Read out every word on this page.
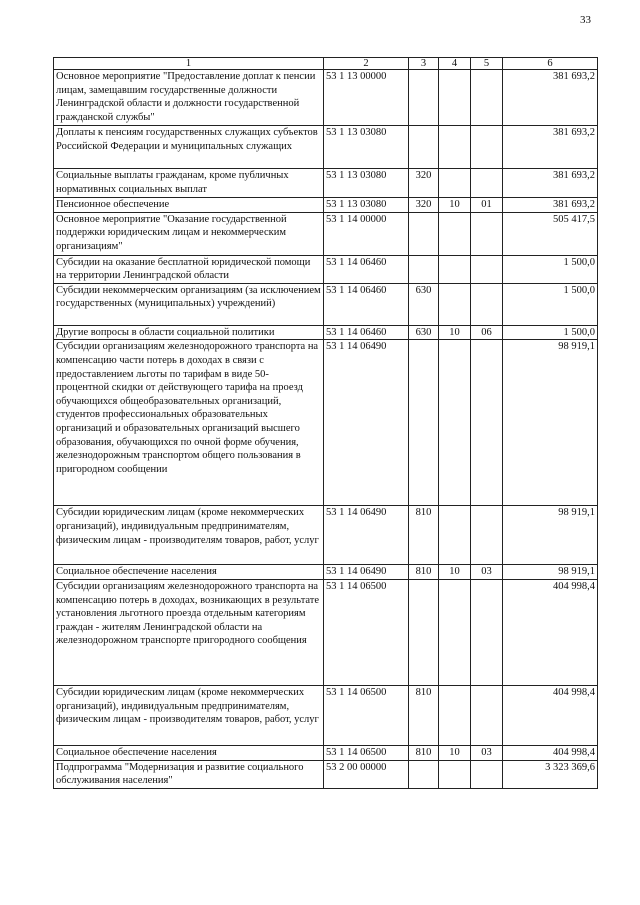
33
1	2	3	4	5	6
Основное мероприятие "Предоставление доплат к пенсии лицам, замещавшим государственные должности Ленинградской области и должности государственной гражданской службы"	53 1 13 00000				381 693,2
Доплаты к пенсиям государственных служащих субъектов Российской Федерации и муниципальных служащих	53 1 13 03080				381 693,2
Социальные выплаты гражданам, кроме публичных нормативных социальных выплат	53 1 13 03080	320			381 693,2
Пенсионное обеспечение	53 1 13 03080	320	10	01	381 693,2
Основное мероприятие "Оказание государственной поддержки юридическим лицам и некоммерческим организациям"	53 1 14 00000				505 417,5
Субсидии на оказание бесплатной юридической помощи на территории Ленинградской области	53 1 14 06460				1 500,0
Субсидии некоммерческим организациям (за исключением государственных (муниципальных) учреждений)	53 1 14 06460	630			1 500,0
Другие вопросы в области социальной политики	53 1 14 06460	630	10	06	1 500,0
Субсидии организациям железнодорожного транспорта на компенсацию части потерь в доходах в связи с предоставлением льготы по тарифам в виде 50-процентной скидки от действующего тарифа на проезд обучающихся общеобразовательных организаций, студентов профессиональных образовательных организаций и образовательных организаций высшего образования, обучающихся по очной форме обучения, железнодорожным транспортом общего пользования в пригородном сообщении	53 1 14 06490				98 919,1
Субсидии юридическим лицам (кроме некоммерческих организаций), индивидуальным предпринимателям, физическим лицам - производителям товаров, работ, услуг	53 1 14 06490	810			98 919,1
Социальное обеспечение населения	53 1 14 06490	810	10	03	98 919,1
Субсидии организациям железнодорожного транспорта на компенсацию потерь в доходах, возникающих в результате установления льготного проезда отдельным категориям граждан - жителям Ленинградской области на железнодорожном транспорте пригородного сообщения	53 1 14 06500				404 998,4
Субсидии юридическим лицам (кроме некоммерческих организаций), индивидуальным предпринимателям, физическим лицам - производителям товаров, работ, услуг	53 1 14 06500	810			404 998,4
Социальное обеспечение населения	53 1 14 06500	810	10	03	404 998,4
Подпрограмма "Модернизация и развитие социального обслуживания населения"	53 2 00 00000				3 323 369,6
